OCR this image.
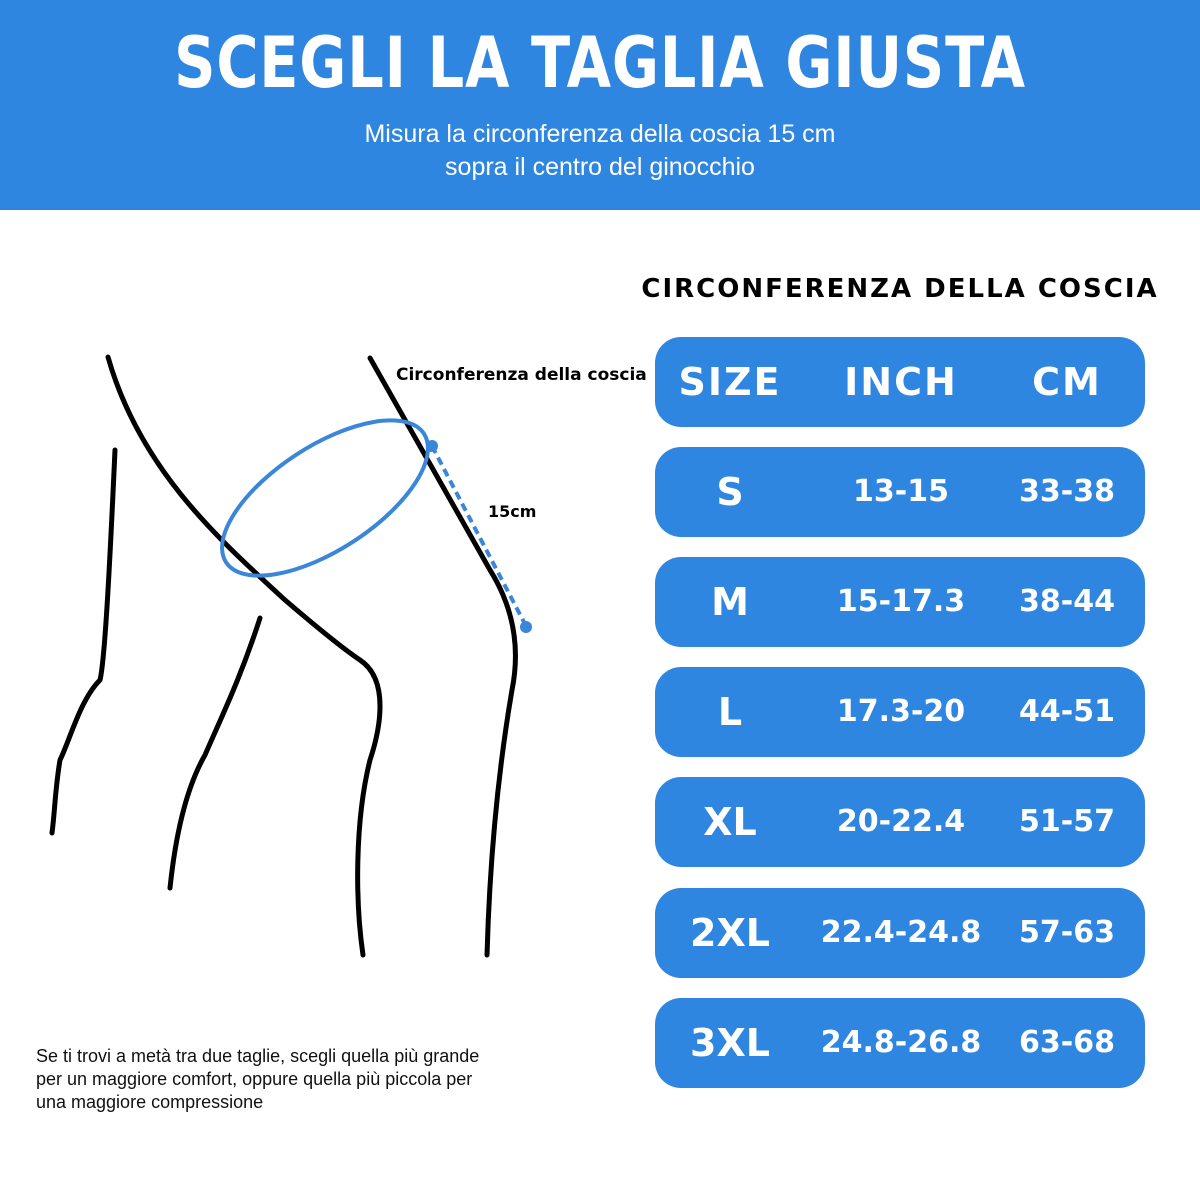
SCEGLI LA TAGLIA GIUSTA
Misura la circonferenza della coscia 15 cm
sopra il centro del ginocchio
Circonferenza della coscia
15cm
CIRCONFERENZA DELLA COSCIA
SIZE	INCH	CM
S	13-15	33-38
M	15-17.3	38-44
L	17.3-20	44-51
XL	20-22.4	51-57
2XL	22.4-24.8	57-63
3XL	24.8-26.8	63-68
Se ti trovi a metà tra due taglie, scegli quella più grande
per un maggiore comfort, oppure quella più piccola per
una maggiore compressione
